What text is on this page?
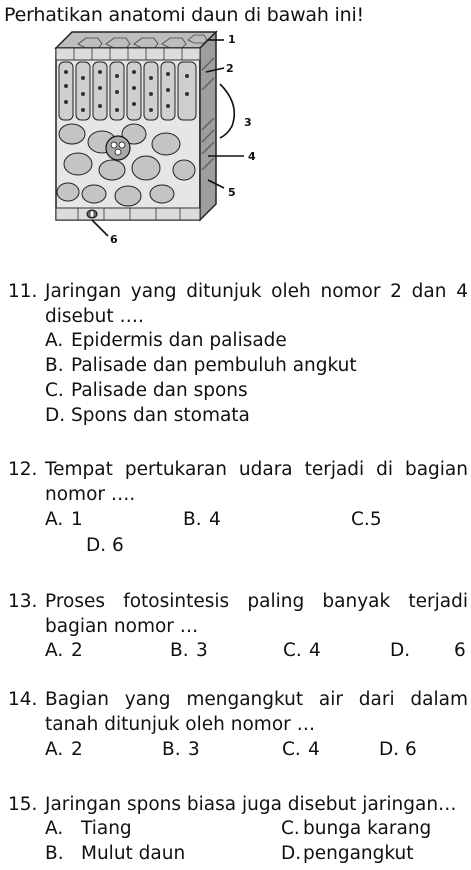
Perhatikan anatomi daun di bawah ini!
1
2
3
4
5
6
11. Jaringan yang ditunjuk oleh nomor 2 dan 4 disebut ….
A. Epidermis dan palisade
B. Palisade dan pembuluh angkut
C. Palisade dan spons
D. Spons dan stomata
12. Tempat pertukaran udara terjadi di bagian nomor ….
A. 1	B. 4	C.5
D. 6
13. Proses fotosintesis paling banyak terjadi bagian nomor …
A. 2	B. 3	C. 4	D. 6
14. Bagian yang mengangkut air dari dalam tanah ditunjuk oleh nomor …
A. 2	B. 3	C. 4	D. 6
15. Jaringan spons biasa juga disebut jaringan…
A. Tiang
B. Mulut daun
C. bunga karang
D. pengangkut
